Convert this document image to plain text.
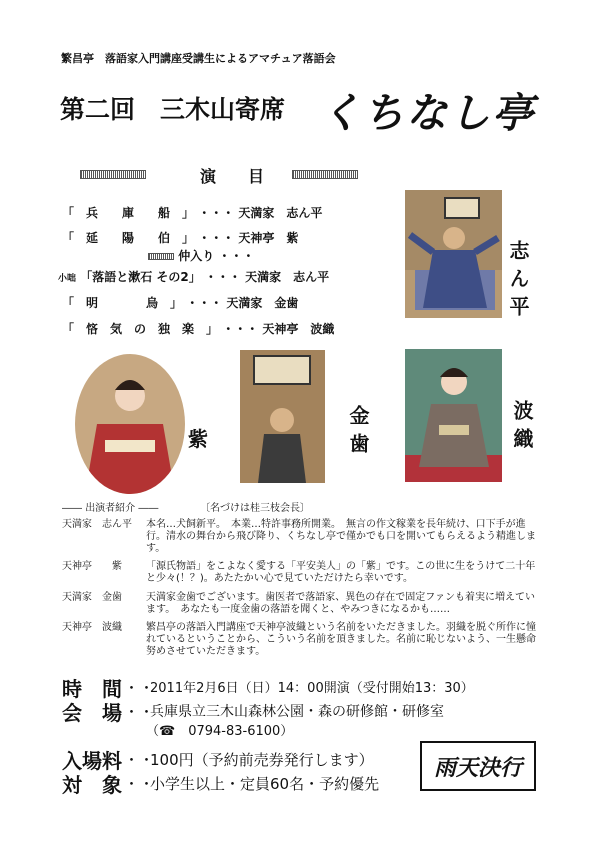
繁昌亭　落語家入門講座受講生によるアマチュア落語会
第二回　三木山寄席 くちなし亭
演　　目
「　兵　　庫　　船　」 ・・・ 天満家　志ん平
「　延　　陽　　伯　」 ・・・ 天神亭　紫
仲入り ・・・
小咄 「落語と漱石 その2」 ・・・ 天満家　志ん平
「　明　　　　烏　」 ・・・ 天満家　金歯
「　悋　気　の　独　楽　」 ・・・ 天神亭　波織
志ん平
紫	金歯	波織
―― 出演者紹介 ――	〔名づけは桂三枝会長〕
天満家　志ん平 本名…犬飼新平。　本業…特許事務所開業。　無言の作文稼業を長年続け、口下手が進行。清水の舞台から飛び降り、くちなし亭で僅かでも口を開いてもらえるよう精進します。
天神亭　　紫 「源氏物語」をこよなく愛する「平安美人」の「紫」です。この世に生をうけて二十年と少々(！？)。あたたかい心で見ていただけたら幸いです。
天満家　金歯 天満家金歯でございます。歯医者で落語家、異色の存在で固定ファンも着実に増えています。　あなたも一度金歯の落語を聞くと、やみつきになるかも……
天神亭　波織 繁昌亭の落語入門講座で天神亭波織という名前をいただきました。羽織を脱ぐ所作に憧れているということから、こういう名前を頂きました。名前に恥じないよう、一生懸命努めさせていただきます。
時　間 ・・
2011年2月6日（日）14：00開演（受付開始13：30）
会　場 ・・
兵庫県立三木山森林公園・森の研修館・研修室
（☎　0794-83-6100）
入場料 ・・
100円（予約前売券発行します）
対　象 ・・
小学生以上・定員60名・予約優先
雨天決行
